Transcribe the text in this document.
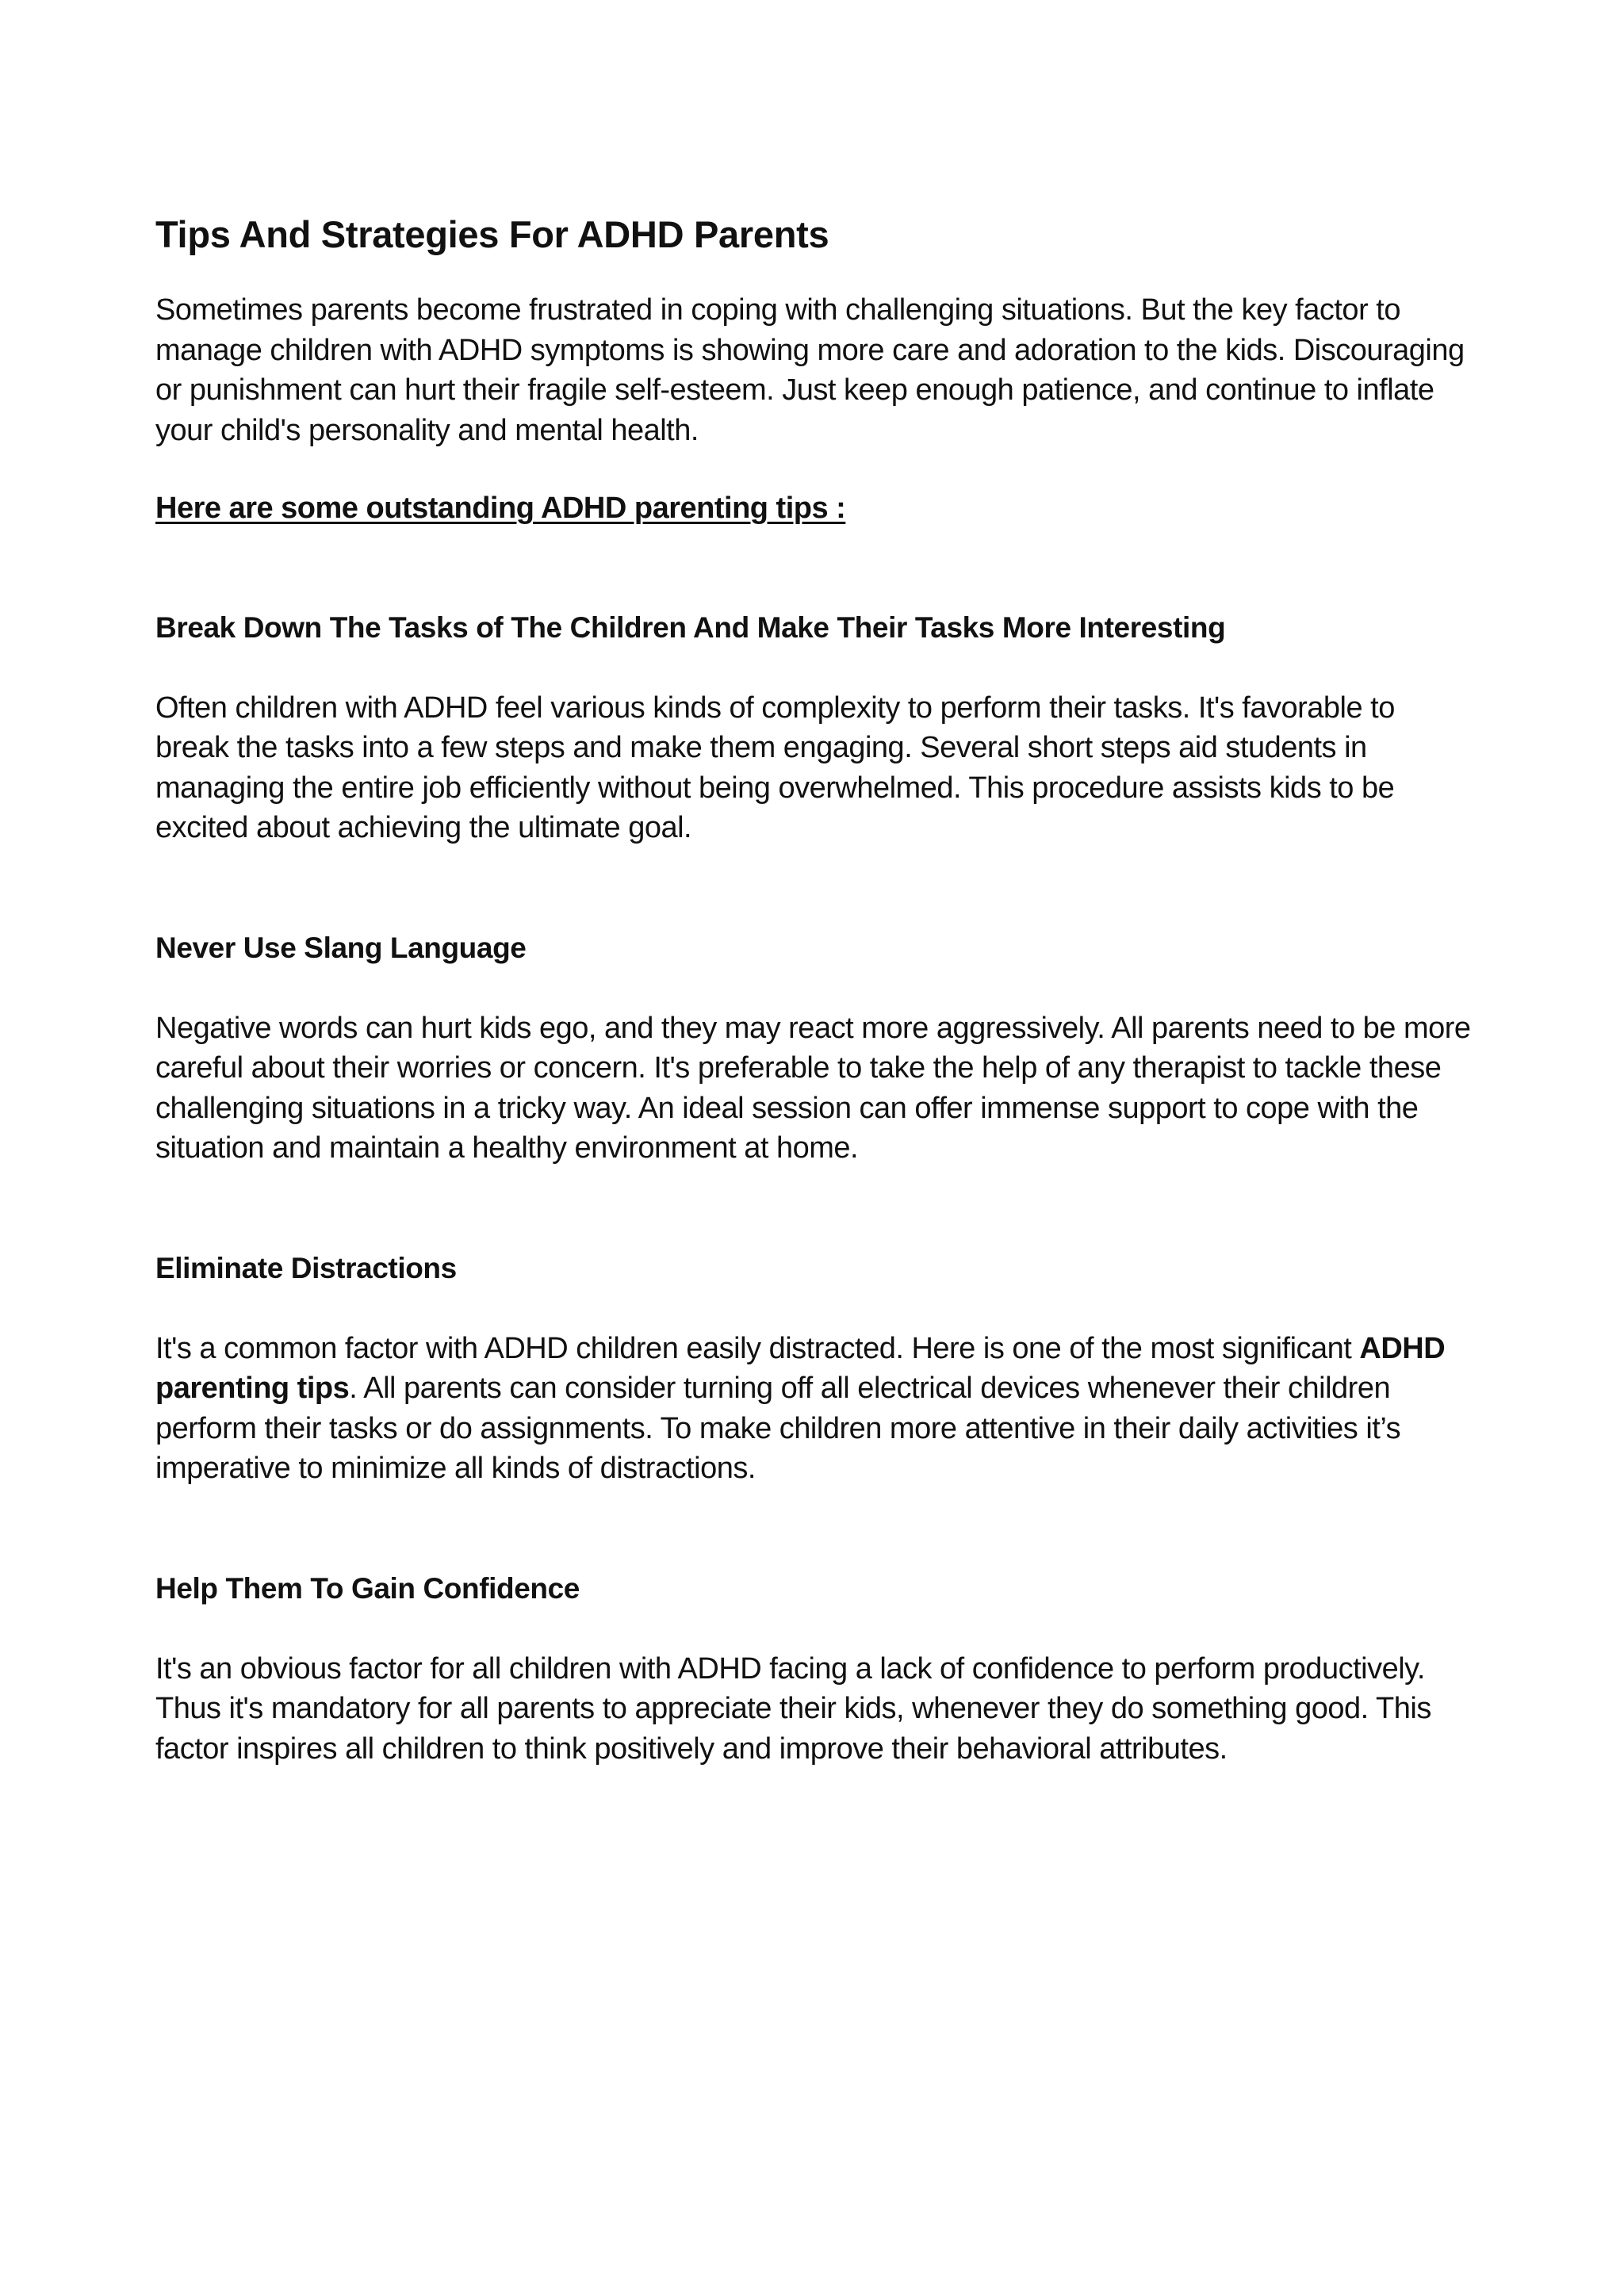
Tips And Strategies For ADHD Parents

Sometimes parents become frustrated in coping with challenging situations. But the key factor to manage children with ADHD symptoms is showing more care and adoration to the kids. Discouraging or punishment can hurt their fragile self-esteem. Just keep enough patience, and continue to inflate your child's personality and mental health.

Here are some outstanding ADHD parenting tips :

Break Down The Tasks of The Children And Make Their Tasks More Interesting

Often children with ADHD feel various kinds of complexity to perform their tasks. It's favorable to break the tasks into a few steps and make them engaging. Several short steps aid students in managing the entire job efficiently without being overwhelmed. This procedure assists kids to be excited about achieving the ultimate goal.

Never Use Slang Language

Negative words can hurt kids ego, and they may react more aggressively. All parents need to be more careful about their worries or concern. It's preferable to take the help of any therapist to tackle these challenging situations in a tricky way. An ideal session can offer immense support to cope with the situation and maintain a healthy environment at home.

Eliminate Distractions

It's a common factor with ADHD children easily distracted. Here is one of the most significant ADHD parenting tips. All parents can consider turning off all electrical devices whenever their children perform their tasks or do assignments. To make children more attentive in their daily activities it’s imperative to minimize all kinds of distractions.

Help Them To Gain Confidence

It's an obvious factor for all children with ADHD facing a lack of confidence to perform productively. Thus it's mandatory for all parents to appreciate their kids, whenever they do something good. This factor inspires all children to think positively and improve their behavioral attributes.
